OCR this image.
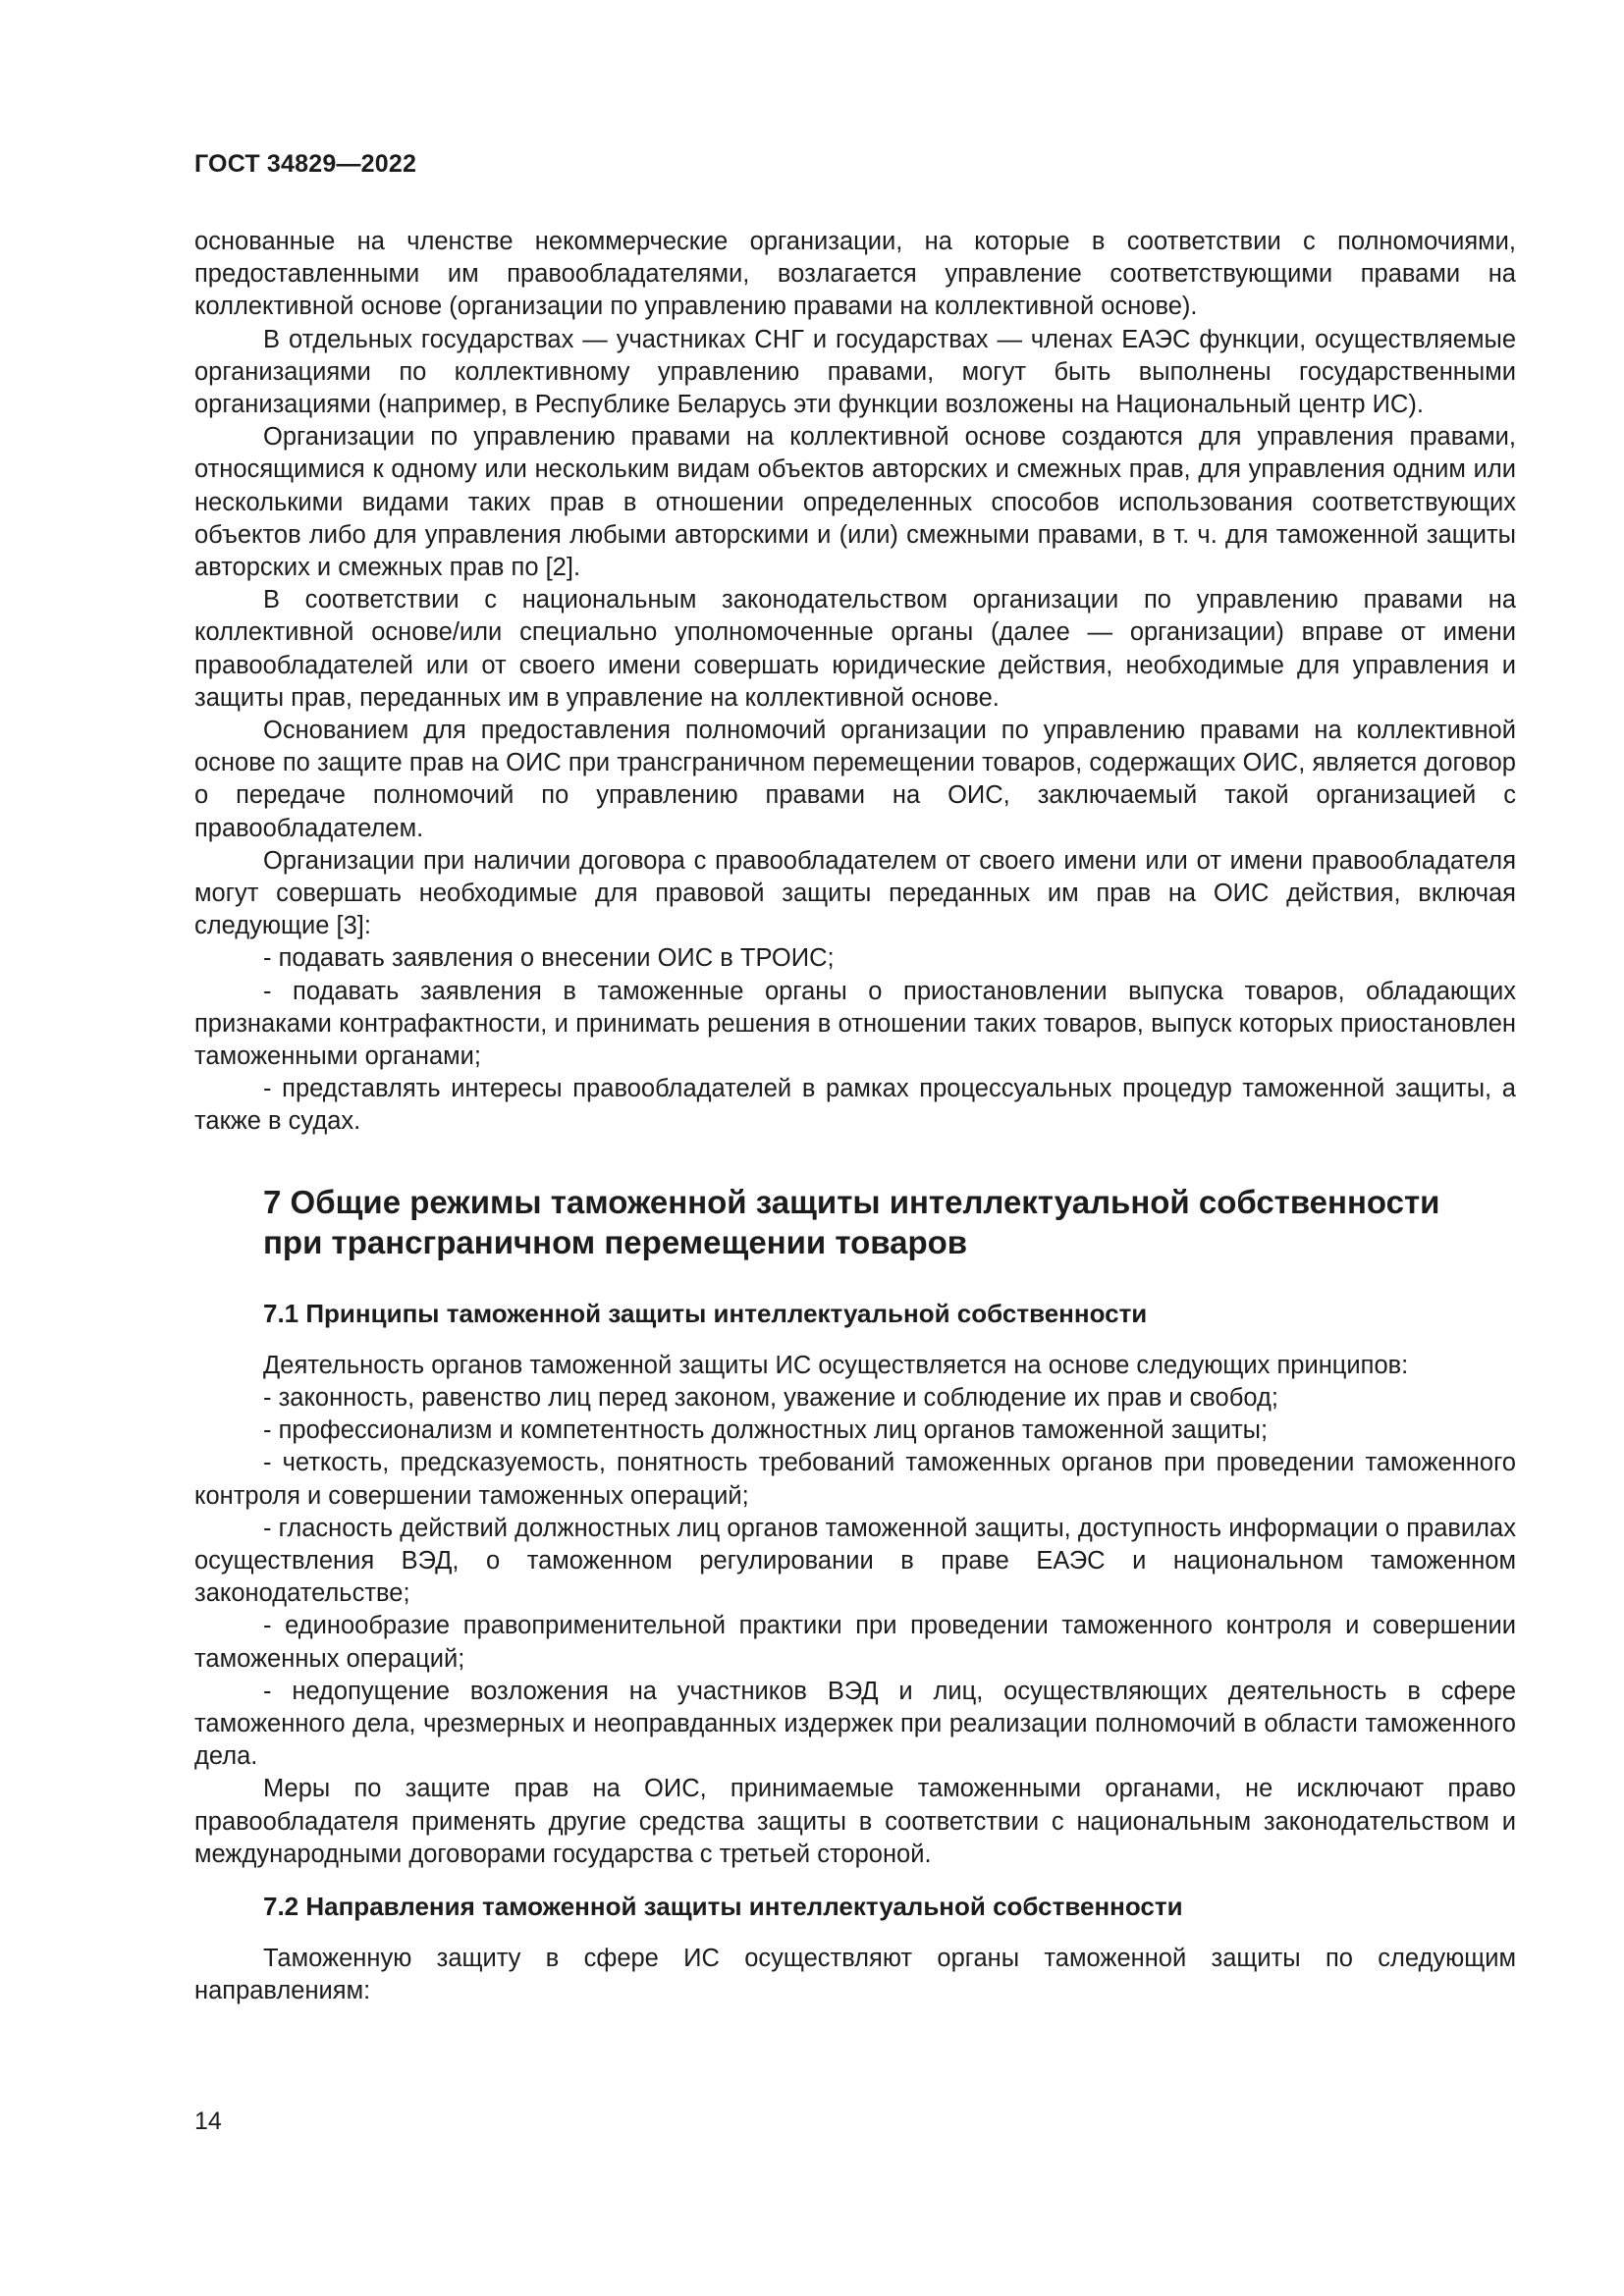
ГОСТ 34829—2022

основанные на членстве некоммерческие организации, на которые в соответствии с полномочиями, предоставленными им правообладателями, возлагается управление соответствующими правами на коллективной основе (организации по управлению правами на коллективной основе).

В отдельных государствах — участниках СНГ и государствах — членах ЕАЭС функции, осуществляемые организациями по коллективному управлению правами, могут быть выполнены государственными организациями (например, в Республике Беларусь эти функции возложены на Национальный центр ИС).

Организации по управлению правами на коллективной основе создаются для управления правами, относящимися к одному или нескольким видам объектов авторских и смежных прав, для управления одним или несколькими видами таких прав в отношении определенных способов использования соответствующих объектов либо для управления любыми авторскими и (или) смежными правами, в т. ч. для таможенной защиты авторских и смежных прав по [2].

В соответствии с национальным законодательством организации по управлению правами на коллективной основе/или специально уполномоченные органы (далее — организации) вправе от имени правообладателей или от своего имени совершать юридические действия, необходимые для управления и защиты прав, переданных им в управление на коллективной основе.

Основанием для предоставления полномочий организации по управлению правами на коллективной основе по защите прав на ОИС при трансграничном перемещении товаров, содержащих ОИС, является договор о передаче полномочий по управлению правами на ОИС, заключаемый такой организацией с правообладателем.

Организации при наличии договора с правообладателем от своего имени или от имени правообладателя могут совершать необходимые для правовой защиты переданных им прав на ОИС действия, включая следующие [3]:

- подавать заявления о внесении ОИС в ТРОИС;

- подавать заявления в таможенные органы о приостановлении выпуска товаров, обладающих признаками контрафактности, и принимать решения в отношении таких товаров, выпуск которых приостановлен таможенными органами;

- представлять интересы правообладателей в рамках процессуальных процедур таможенной защиты, а также в судах.

7 Общие режимы таможенной защиты интеллектуальной собственности
при трансграничном перемещении товаров
7.1 Принципы таможенной защиты интеллектуальной собственности

Деятельность органов таможенной защиты ИС осуществляется на основе следующих принципов:

- законность, равенство лиц перед законом, уважение и соблюдение их прав и свобод;

- профессионализм и компетентность должностных лиц органов таможенной защиты;

- четкость, предсказуемость, понятность требований таможенных органов при проведении таможенного контроля и совершении таможенных операций;

- гласность действий должностных лиц органов таможенной защиты, доступность информации о правилах осуществления ВЭД, о таможенном регулировании в праве ЕАЭС и национальном таможенном законодательстве;

- единообразие правоприменительной практики при проведении таможенного контроля и совершении таможенных операций;

- недопущение возложения на участников ВЭД и лиц, осуществляющих деятельность в сфере таможенного дела, чрезмерных и неоправданных издержек при реализации полномочий в области таможенного дела.

Меры по защите прав на ОИС, принимаемые таможенными органами, не исключают право правообладателя применять другие средства защиты в соответствии с национальным законодательством и международными договорами государства с третьей стороной.

7.2 Направления таможенной защиты интеллектуальной собственности

Таможенную защиту в сфере ИС осуществляют органы таможенной защиты по следующим направлениям:

14
